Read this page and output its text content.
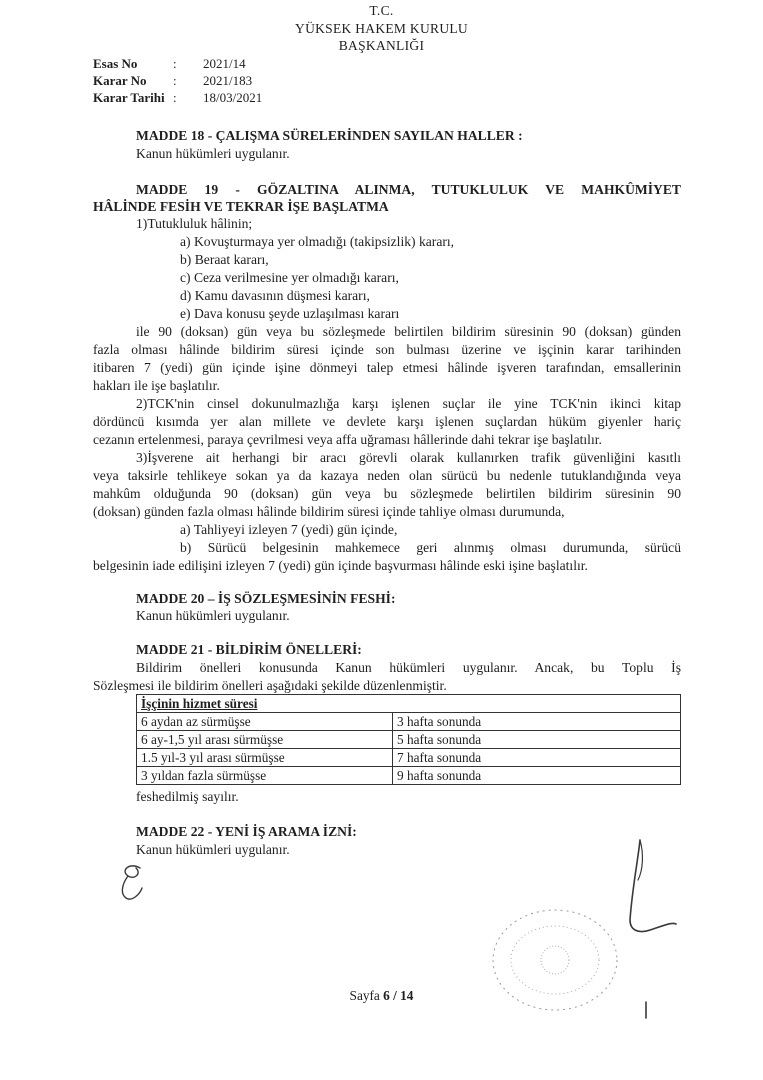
T.C.
YÜKSEK HAKEM KURULU
BAŞKANLIĞI
Esas No	: 2021/14
Karar No : 2021/183
Karar Tarihi : 18/03/2021
MADDE 18 - ÇALIŞMA SÜRELERİNDEN SAYILAN HALLER :
Kanun hükümleri uygulanır.
MADDE 19 - GÖZALTINA ALINMA, TUTUKLULUK VE MAHKÛMİYET
HÂLİNDE FESİH VE TEKRAR İŞE BAŞLATMA
1)Tutukluluk hâlinin;
a) Kovuşturmaya yer olmadığı (takipsizlik) kararı,
b) Beraat kararı,
c) Ceza verilmesine yer olmadığı kararı,
d) Kamu davasının düşmesi kararı,
e) Dava konusu şeyde uzlaşılması kararı
ile 90 (doksan) gün veya bu sözleşmede belirtilen bildirim süresinin 90 (doksan) günden
fazla olması hâlinde bildirim süresi içinde son bulması üzerine ve işçinin karar tarihinden
itibaren 7 (yedi) gün içinde işine dönmeyi talep etmesi hâlinde işveren tarafından, emsallerinin
hakları ile işe başlatılır.
2)TCK'nin cinsel dokunulmazlığa karşı işlenen suçlar ile yine TCK'nin ikinci kitap
dördüncü kısımda yer alan millete ve devlete karşı işlenen suçlardan hüküm giyenler hariç
cezanın ertelenmesi, paraya çevrilmesi veya affa uğraması hâllerinde dahi tekrar işe başlatılır.
3)İşverene ait herhangi bir aracı görevli olarak kullanırken trafik güvenliğini kasıtlı
veya taksirle tehlikeye sokan ya da kazaya neden olan sürücü bu nedenle tutuklandığında veya
mahkûm olduğunda 90 (doksan) gün veya bu sözleşmede belirtilen bildirim süresinin 90
(doksan) günden fazla olması hâlinde bildirim süresi içinde tahliye olması durumunda,
a) Tahliyeyi izleyen 7 (yedi) gün içinde,
b) Sürücü belgesinin mahkemece geri alınmış olması durumunda, sürücü
belgesinin iade edilişini izleyen 7 (yedi) gün içinde başvurması hâlinde eski işine başlatılır.
MADDE 20 – İŞ SÖZLEŞMESİNİN FESHİ:
Kanun hükümleri uygulanır.
MADDE 21 - BİLDİRİM ÖNELLERİ:
Bildirim önelleri konusunda Kanun hükümleri uygulanır. Ancak, bu Toplu İş
Sözleşmesi ile bildirim önelleri aşağıdaki şekilde düzenlenmiştir.
İşçinin hizmet süresi	
6 aydan az sürmüşse	3 hafta sonunda
6 ay-1,5 yıl arası sürmüşse	5 hafta sonunda
1.5 yıl-3 yıl arası sürmüşse	7 hafta sonunda
3 yıldan fazla sürmüşse	9 hafta sonunda
feshedilmiş sayılır.
MADDE 22 - YENİ İŞ ARAMA İZNİ:
Kanun hükümleri uygulanır.
Sayfa 6 / 14
